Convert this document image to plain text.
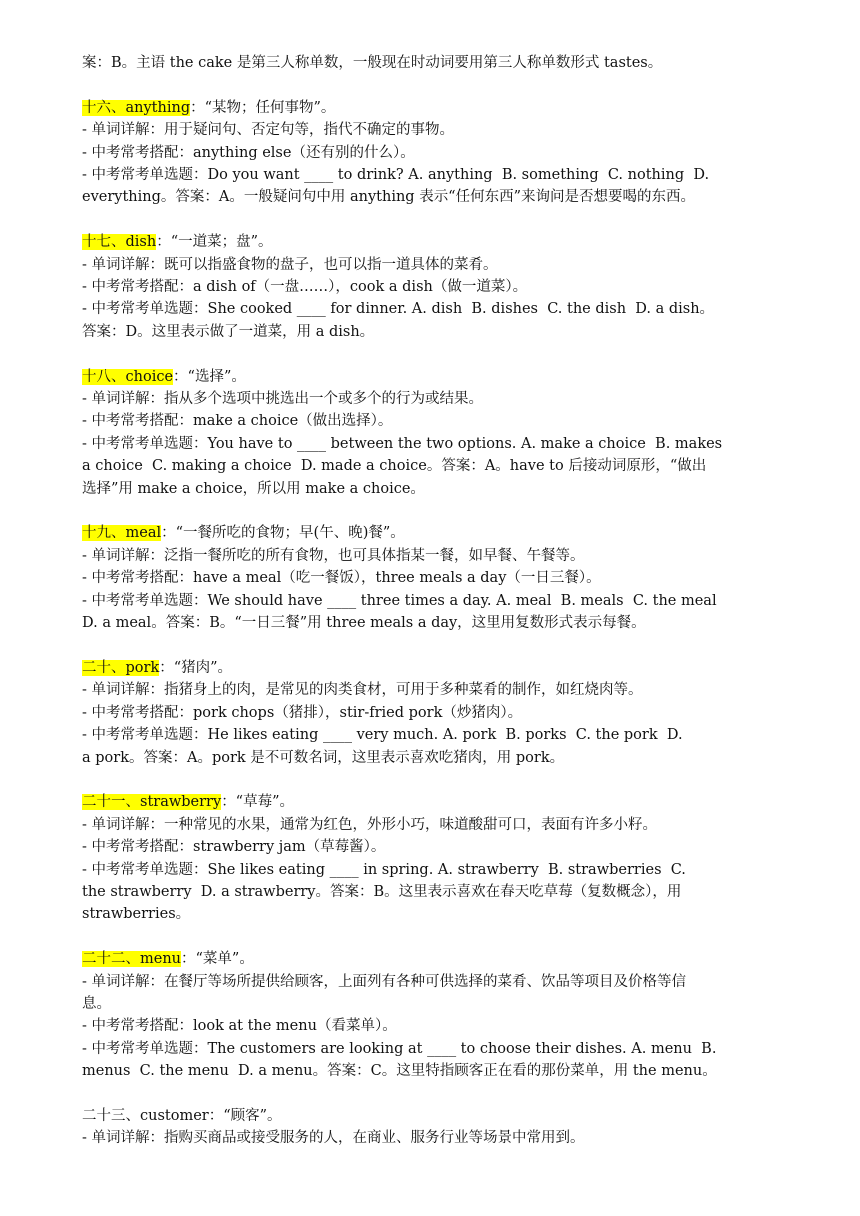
案：B。主语 the cake 是第三人称单数，一般现在时动词要用第三人称单数形式 tastes。
十六、anything：“某物；任何事物”。
- 单词详解：用于疑问句、否定句等，指代不确定的事物。
- 中考常考搭配：anything else（还有别的什么）。
- 中考常考单选题：Do you want ____ to drink? A. anything  B. something  C. nothing  D.
everything。答案：A。一般疑问句中用 anything 表示“任何东西”来询问是否想要喝的东西。
十七、dish：“一道菜；盘”。
- 单词详解：既可以指盛食物的盘子，也可以指一道具体的菜肴。
- 中考常考搭配：a dish of（一盘……），cook a dish（做一道菜）。
- 中考常考单选题：She cooked ____ for dinner. A. dish  B. dishes  C. the dish  D. a dish。
答案：D。这里表示做了一道菜，用 a dish。
十八、choice：“选择”。
- 单词详解：指从多个选项中挑选出一个或多个的行为或结果。
- 中考常考搭配：make a choice（做出选择）。
- 中考常考单选题：You have to ____ between the two options. A. make a choice  B. makes
a choice  C. making a choice  D. made a choice。答案：A。have to 后接动词原形，“做出
选择”用 make a choice，所以用 make a choice。
十九、meal：“一餐所吃的食物；早(午、晚)餐”。
- 单词详解：泛指一餐所吃的所有食物，也可具体指某一餐，如早餐、午餐等。
- 中考常考搭配：have a meal（吃一餐饭），three meals a day（一日三餐）。
- 中考常考单选题：We should have ____ three times a day. A. meal  B. meals  C. the meal
D. a meal。答案：B。“一日三餐”用 three meals a day，这里用复数形式表示每餐。
二十、pork：“猪肉”。
- 单词详解：指猪身上的肉，是常见的肉类食材，可用于多种菜肴的制作，如红烧肉等。
- 中考常考搭配：pork chops（猪排），stir-fried pork（炒猪肉）。
- 中考常考单选题：He likes eating ____ very much. A. pork  B. porks  C. the pork  D.
a pork。答案：A。pork 是不可数名词，这里表示喜欢吃猪肉，用 pork。
二十一、strawberry：“草莓”。
- 单词详解：一种常见的水果，通常为红色，外形小巧，味道酸甜可口，表面有许多小籽。
- 中考常考搭配：strawberry jam（草莓酱）。
- 中考常考单选题：She likes eating ____ in spring. A. strawberry  B. strawberries  C.
the strawberry  D. a strawberry。答案：B。这里表示喜欢在春天吃草莓（复数概念），用
strawberries。
二十二、menu：“菜单”。
- 单词详解：在餐厅等场所提供给顾客，上面列有各种可供选择的菜肴、饮品等项目及价格等信
息。
- 中考常考搭配：look at the menu（看菜单）。
- 中考常考单选题：The customers are looking at ____ to choose their dishes. A. menu  B.
menus  C. the menu  D. a menu。答案：C。这里特指顾客正在看的那份菜单，用 the menu。
二十三、customer：“顾客”。
- 单词详解：指购买商品或接受服务的人，在商业、服务行业等场景中常用到。
